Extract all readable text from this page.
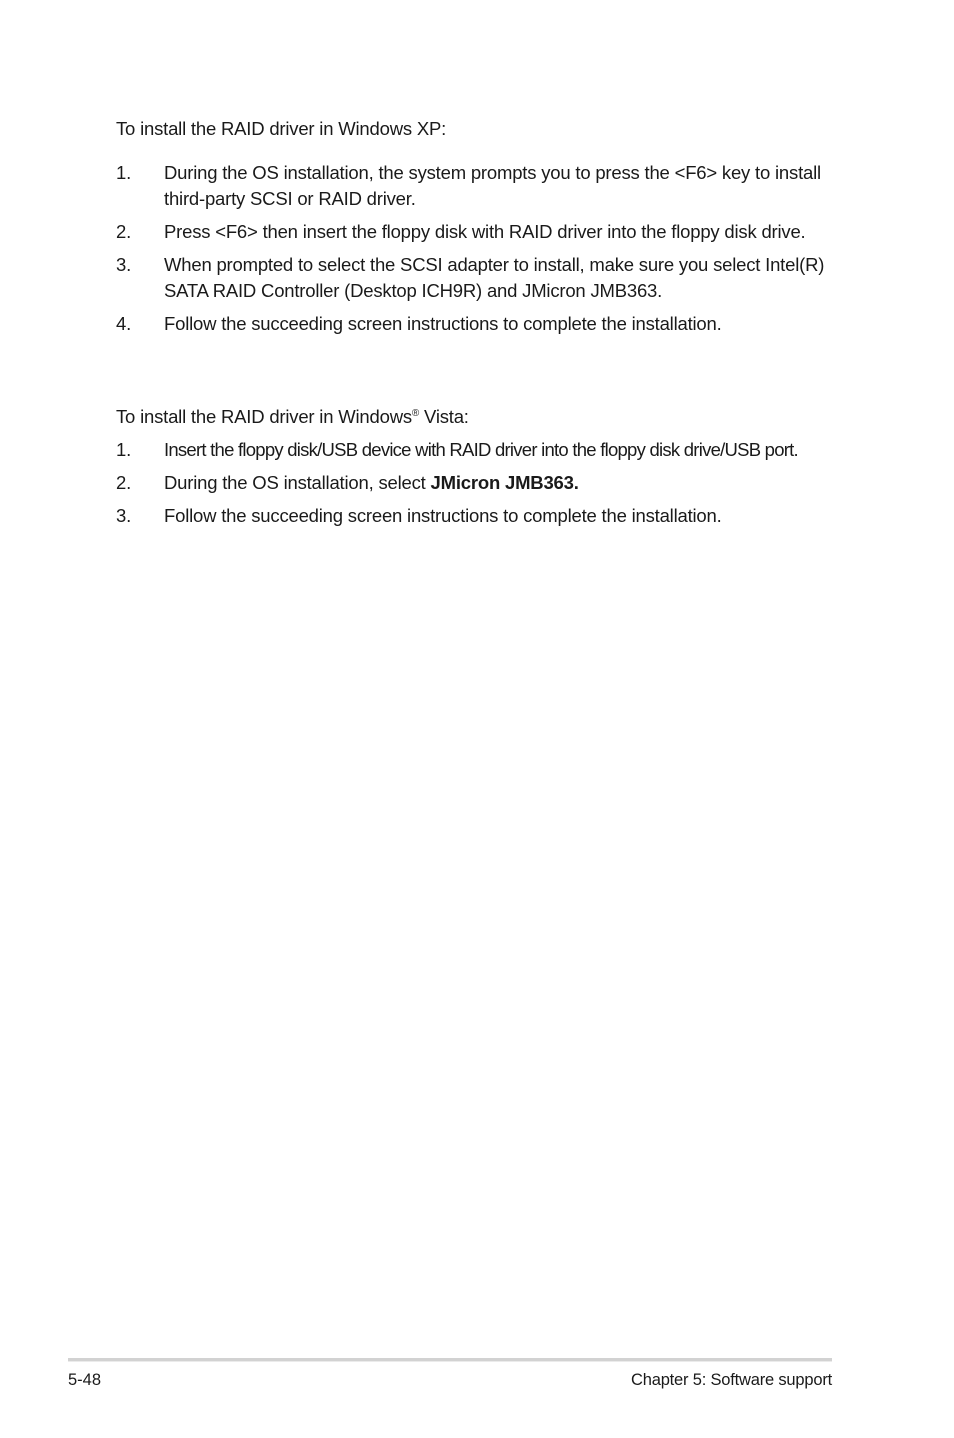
To install the RAID driver in Windows XP:

1. During the OS installation, the system prompts you to press the <F6> key to install third-party SCSI or RAID driver.
2. Press <F6> then insert the floppy disk with RAID driver into the floppy disk drive.
3. When prompted to select the SCSI adapter to install, make sure you select Intel(R) SATA RAID Controller (Desktop ICH9R) and JMicron JMB363.
4. Follow the succeeding screen instructions to complete the installation.

To install the RAID driver in Windows® Vista:

1. Insert the floppy disk/USB device with RAID driver into the floppy disk drive/USB port.
2. During the OS installation, select JMicron JMB363.
3. Follow the succeeding screen instructions to complete the installation.
5-48	Chapter 5: Software support
